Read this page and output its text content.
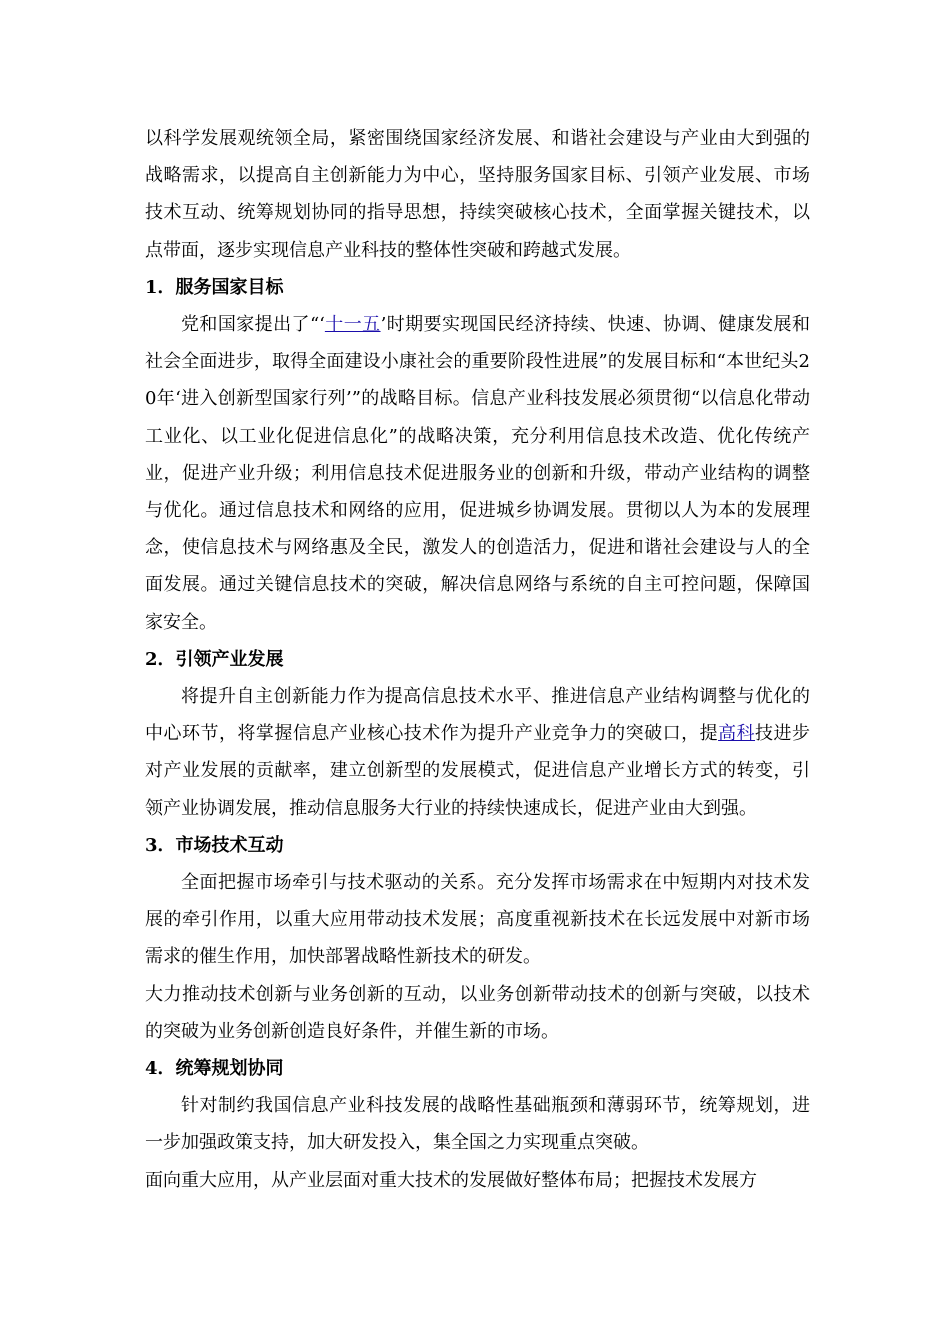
以科学发展观统领全局，紧密围绕国家经济发展、和谐社会建设与产业由大到强的战略需求，以提高自主创新能力为中心，坚持服务国家目标、引领产业发展、市场技术互动、统筹规划协同的指导思想，持续突破核心技术，全面掌握关键技术，以点带面，逐步实现信息产业科技的整体性突破和跨越式发展。

1．服务国家目标

党和国家提出了“‘十一五’时期要实现国民经济持续、快速、协调、健康发展和社会全面进步，取得全面建设小康社会的重要阶段性进展”的发展目标和“本世纪头20年‘进入创新型国家行列’”的战略目标。信息产业科技发展必须贯彻“以信息化带动工业化、以工业化促进信息化”的战略决策，充分利用信息技术改造、优化传统产业，促进产业升级；利用信息技术促进服务业的创新和升级，带动产业结构的调整与优化。通过信息技术和网络的应用，促进城乡协调发展。贯彻以人为本的发展理念，使信息技术与网络惠及全民，激发人的创造活力，促进和谐社会建设与人的全面发展。通过关键信息技术的突破，解决信息网络与系统的自主可控问题，保障国家安全。

2．引领产业发展

将提升自主创新能力作为提高信息技术水平、推进信息产业结构调整与优化的中心环节，将掌握信息产业核心技术作为提升产业竞争力的突破口，提高科技进步对产业发展的贡献率，建立创新型的发展模式，促进信息产业增长方式的转变，引领产业协调发展，推动信息服务大行业的持续快速成长，促进产业由大到强。

3．市场技术互动

全面把握市场牵引与技术驱动的关系。充分发挥市场需求在中短期内对技术发展的牵引作用，以重大应用带动技术发展；高度重视新技术在长远发展中对新市场需求的催生作用，加快部署战略性新技术的研发。

大力推动技术创新与业务创新的互动，以业务创新带动技术的创新与突破，以技术的突破为业务创新创造良好条件，并催生新的市场。

4．统筹规划协同

针对制约我国信息产业科技发展的战略性基础瓶颈和薄弱环节，统筹规划，进一步加强政策支持，加大研发投入，集全国之力实现重点突破。

面向重大应用，从产业层面对重大技术的发展做好整体布局；把握技术发展方
